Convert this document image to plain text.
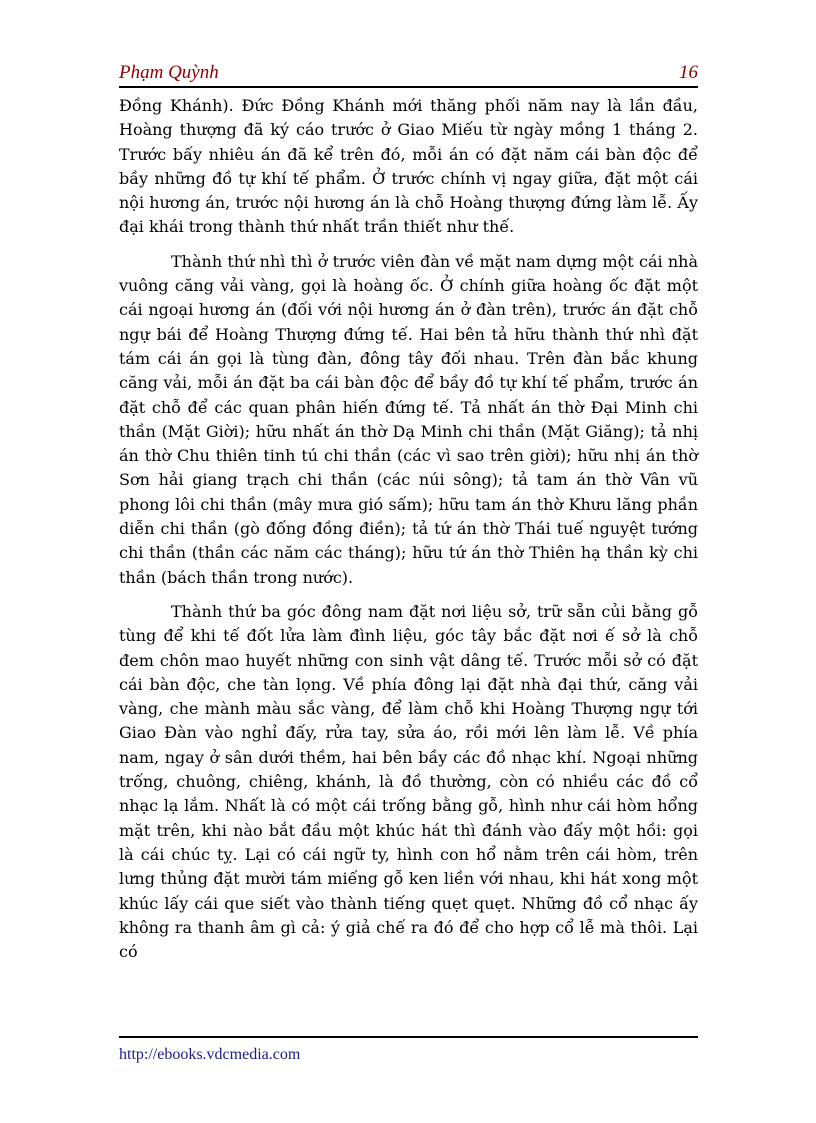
Phạm Quỳnh	16

Đồng Khánh). Đức Đồng Khánh mới thăng phối năm nay là lần đầu, Hoàng thượng đã ký cáo trước ở Giao Miếu từ ngày mồng 1 tháng 2. Trước bấy nhiêu án đã kể trên đó, mỗi án có đặt năm cái bàn độc để bầy những đồ tự khí tế phẩm. Ở trước chính vị ngay giữa, đặt một cái nội hương án, trước nội hương án là chỗ Hoàng thượng đứng làm lễ. Ấy đại khái trong thành thứ nhất trần thiết như thế.

Thành thứ nhì thì ở trước viên đàn về mặt nam dựng một cái nhà vuông căng vải vàng, gọi là hoàng ốc. Ở chính giữa hoàng ốc đặt một cái ngoại hương án (đối với nội hương án ở đàn trên), trước án đặt chỗ ngự bái để Hoàng Thượng đứng tế. Hai bên tả hữu thành thứ nhì đặt tám cái án gọi là tùng đàn, đông tây đối nhau. Trên đàn bắc khung căng vải, mỗi án đặt ba cái bàn độc để bầy đồ tự khí tế phẩm, trước án đặt chỗ để các quan phân hiến đứng tế. Tả nhất án thờ Đại Minh chi thần (Mặt Giời); hữu nhất án thờ Dạ Minh chi thần (Mặt Giăng); tả nhị án thờ Chu thiên tinh tú chi thần (các vì sao trên giời); hữu nhị án thờ Sơn hải giang trạch chi thần (các núi sông); tả tam án thờ Vân vũ phong lôi chi thần (mây mưa gió sấm); hữu tam án thờ Khưu lăng phần diễn chi thần (gò đống đồng điền); tả tứ án thờ Thái tuế nguyệt tướng chi thần (thần các năm các tháng); hữu tứ án thờ Thiên hạ thần kỳ chi thần (bách thần trong nước).

Thành thứ ba góc đông nam đặt nơi liệu sở, trữ sẵn củi bằng gỗ tùng để khi tế đốt lửa làm đình liệu, góc tây bắc đặt nơi ế sở là chỗ đem chôn mao huyết những con sinh vật dâng tế. Trước mỗi sở có đặt cái bàn độc, che tàn lọng. Về phía đông lại đặt nhà đại thứ, căng vải vàng, che mành màu sắc vàng, để làm chỗ khi Hoàng Thượng ngự tới Giao Đàn vào nghỉ đấy, rửa tay, sửa áo, rồi mới lên làm lễ. Về phía nam, ngay ở sân dưới thềm, hai bên bầy các đồ nhạc khí. Ngoại những trống, chuông, chiêng, khánh, là đồ thường, còn có nhiều các đồ cổ nhạc lạ lắm. Nhất là có một cái trống bằng gỗ, hình như cái hòm hổng mặt trên, khi nào bắt đầu một khúc hát thì đánh vào đấy một hồi: gọi là cái chúc tỵ. Lại có cái ngữ ty, hình con hổ nằm trên cái hòm, trên lưng thủng đặt mười tám miếng gỗ ken liền với nhau, khi hát xong một khúc lấy cái que siết vào thành tiếng quẹt quẹt. Những đồ cổ nhạc ấy không ra thanh âm gì cả: ý giả chế ra đó để cho hợp cổ lễ mà thôi. Lại có

http://ebooks.vdcmedia.com
